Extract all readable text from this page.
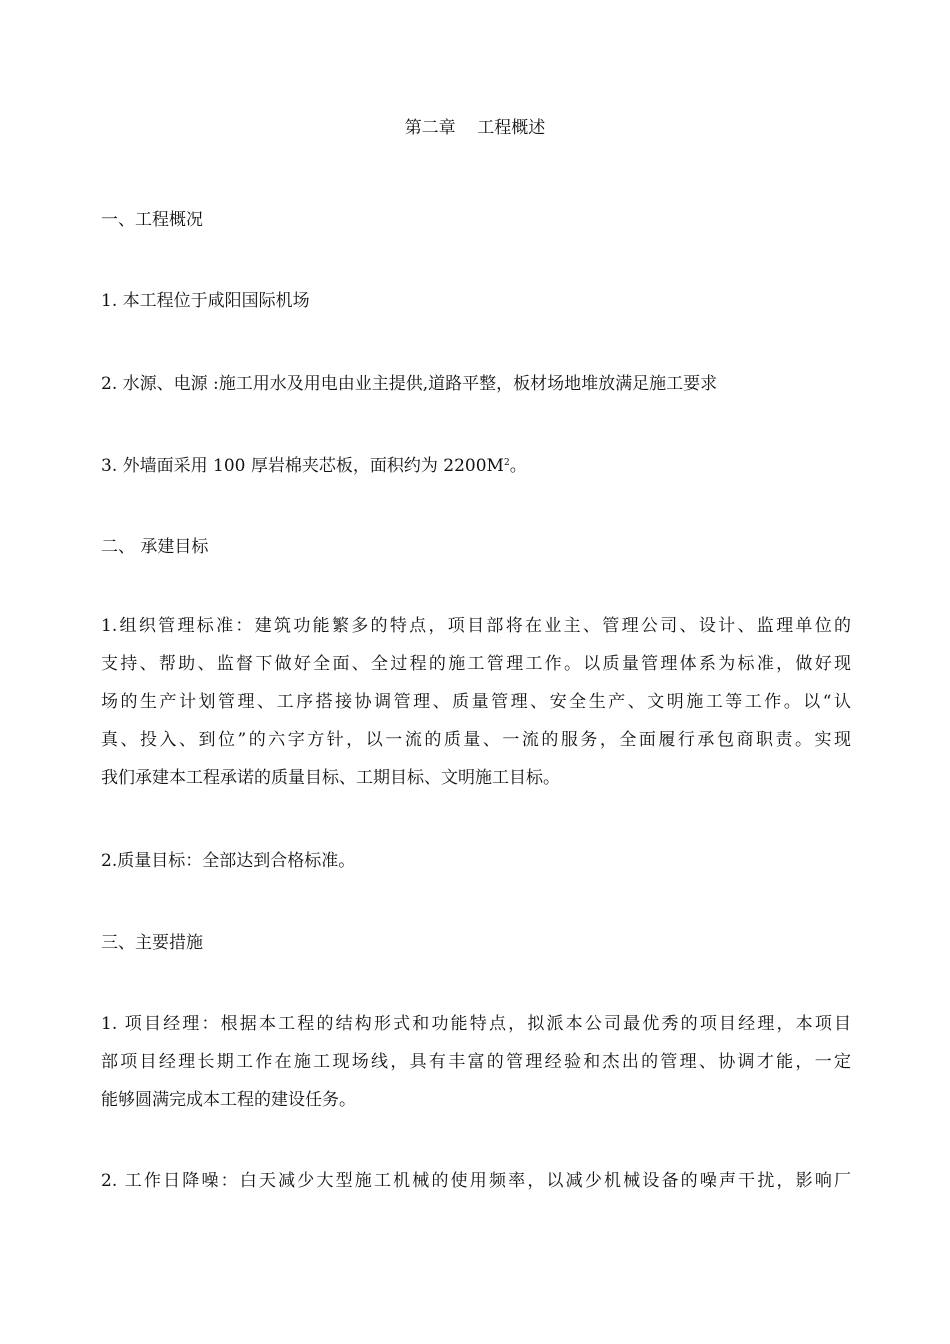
第二章    工程概述
一、工程概况
1. 本工程位于咸阳国际机场
2. 水源、电源 :施工用水及用电由业主提供,道路平整，板材场地堆放满足施工要求
3. 外墙面采用 100 厚岩棉夹芯板，面积约为 $2200M^2$。
二、 承建目标
1.组织管理标准：建筑功能繁多的特点，项目部将在业主、管理公司、设计、监理单位的
支持、帮助、监督下做好全面、全过程的施工管理工作。以质量管理体系为标准，做好现
场的生产计划管理、工序搭接协调管理、质量管理、安全生产、文明施工等工作。以“认
真、投入、到位”的六字方针，以一流的质量、一流的服务，全面履行承包商职责。实现
我们承建本工程承诺的质量目标、工期目标、文明施工目标。
2.质量目标：全部达到合格标准。
三、主要措施
1. 项目经理：根据本工程的结构形式和功能特点，拟派本公司最优秀的项目经理，本项目
部项目经理长期工作在施工现场线，具有丰富的管理经验和杰出的管理、协调才能，一定
能够圆满完成本工程的建设任务。
2. 工作日降噪：白天减少大型施工机械的使用频率，以减少机械设备的噪声干扰，影响厂
